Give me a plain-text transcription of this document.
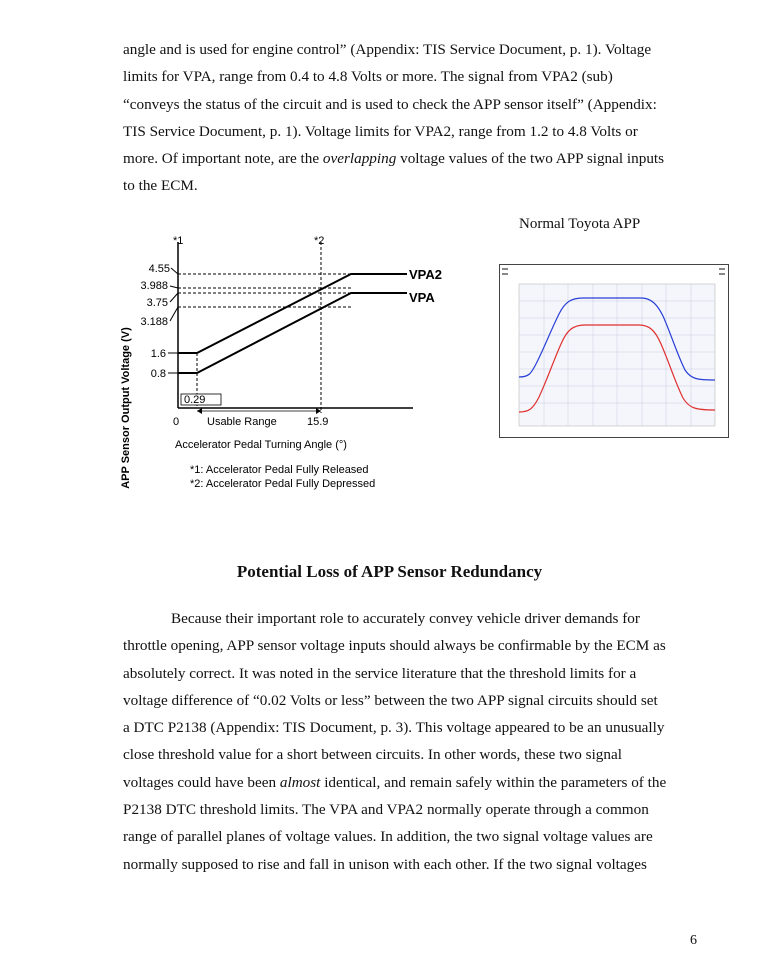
angle and is used for engine control” (Appendix: TIS Service Document, p. 1). Voltage
limits for VPA, range from 0.4 to 4.8 Volts or more. The signal from VPA2 (sub)
“conveys the status of the circuit and is used to check the APP sensor itself” (Appendix:
TIS Service Document, p. 1). Voltage limits for VPA2, range from 1.2 to 4.8 Volts or
more. Of important note, are the overlapping voltage values of the two APP signal inputs
to the ECM.
Normal Toyota APP
APP Sensor Output Voltage (V)
*1	*2
4.55
3.988
3.75
3.188
1.6
0.8
VPA2
VPA
0.29
0	Usable Range	15.9
Accelerator Pedal Turning Angle (°)
*1: Accelerator Pedal Fully Released
*2: Accelerator Pedal Fully Depressed
Potential Loss of APP Sensor Redundancy
Because their important role to accurately convey vehicle driver demands for
throttle opening, APP sensor voltage inputs should always be confirmable by the ECM as
absolutely correct. It was noted in the service literature that the threshold limits for a
voltage difference of “0.02 Volts or less” between the two APP signal circuits should set
a DTC P2138 (Appendix: TIS Document, p. 3). This voltage appeared to be an unusually
close threshold value for a short between circuits. In other words, these two signal
voltages could have been almost identical, and remain safely within the parameters of the
P2138 DTC threshold limits. The VPA and VPA2 normally operate through a common
range of parallel planes of voltage values. In addition, the two signal voltage values are
normally supposed to rise and fall in unison with each other. If the two signal voltages
6
